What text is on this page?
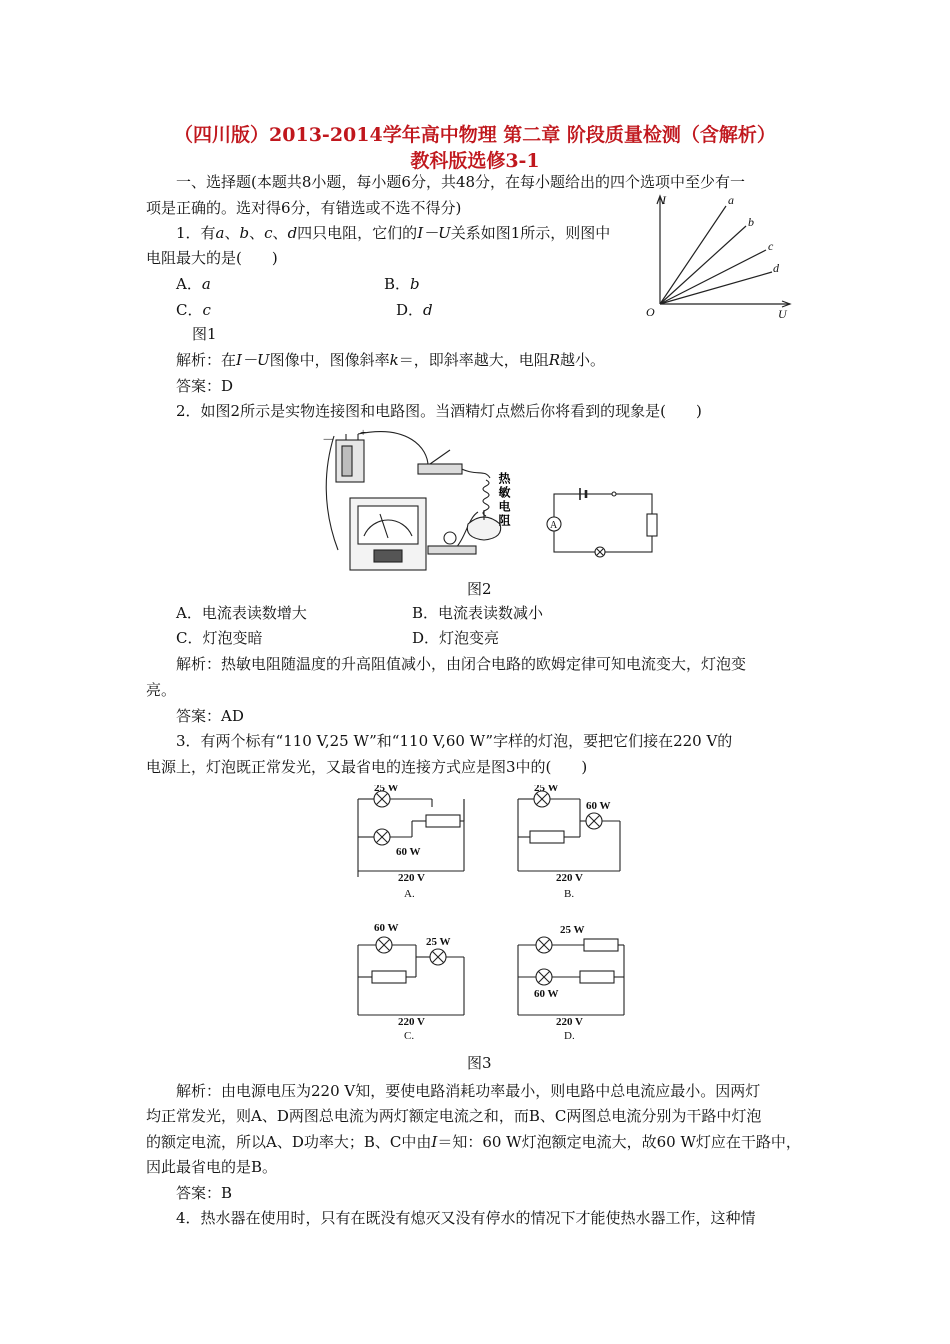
（四川版）2013-2014学年高中物理 第二章 阶段质量检测（含解析）
教科版选修3-1
一、选择题(本题共8小题，每小题6分，共48分，在每小题给出的四个选项中至少有一
项是正确的。选对得6分，有错选或不选不得分)
1．有a、b、c、d四只电阻，它们的I－U关系如图1所示，则图中
电阻最大的是(　　)
A．a	B．b
C．c	D．d
图1
解析：在I－U图像中，图像斜率k＝，即斜率越大，电阻R越小。
答案：D
I
U
O
a
b
c
d
2．如图2所示是实物连接图和电路图。当酒精灯点燃后你将看到的现象是(　　)
－ +
A
热敏电阻
图2
A．电流表读数增大	B．电流表读数减小
C．灯泡变暗	D．灯泡变亮
解析：热敏电阻随温度的升高阻值减小，由闭合电路的欧姆定律可知电流变大，灯泡变
亮。
答案：AD
3．有两个标有“110 V,25 W”和“110 V,60 W”字样的灯泡，要把它们接在220 V的
电源上，灯泡既正常发光，又最省电的连接方式应是图3中的(　　)
25 W
60 W
220 V
A.
25 W
60 W
220 V
B.
60 W
25 W
220 V
C.
25 W
60 W
220 V
D.
图3
解析：由电源电压为220 V知，要使电路消耗功率最小，则电路中总电流应最小。因两灯
均正常发光，则A、D两图总电流为两灯额定电流之和，而B、C两图总电流分别为干路中灯泡
的额定电流，所以A、D功率大；B、C中由I＝知：60 W灯泡额定电流大，故60 W灯应在干路中，
因此最省电的是B。
答案：B
4．热水器在使用时，只有在既没有熄灭又没有停水的情况下才能使热水器工作，这种情
